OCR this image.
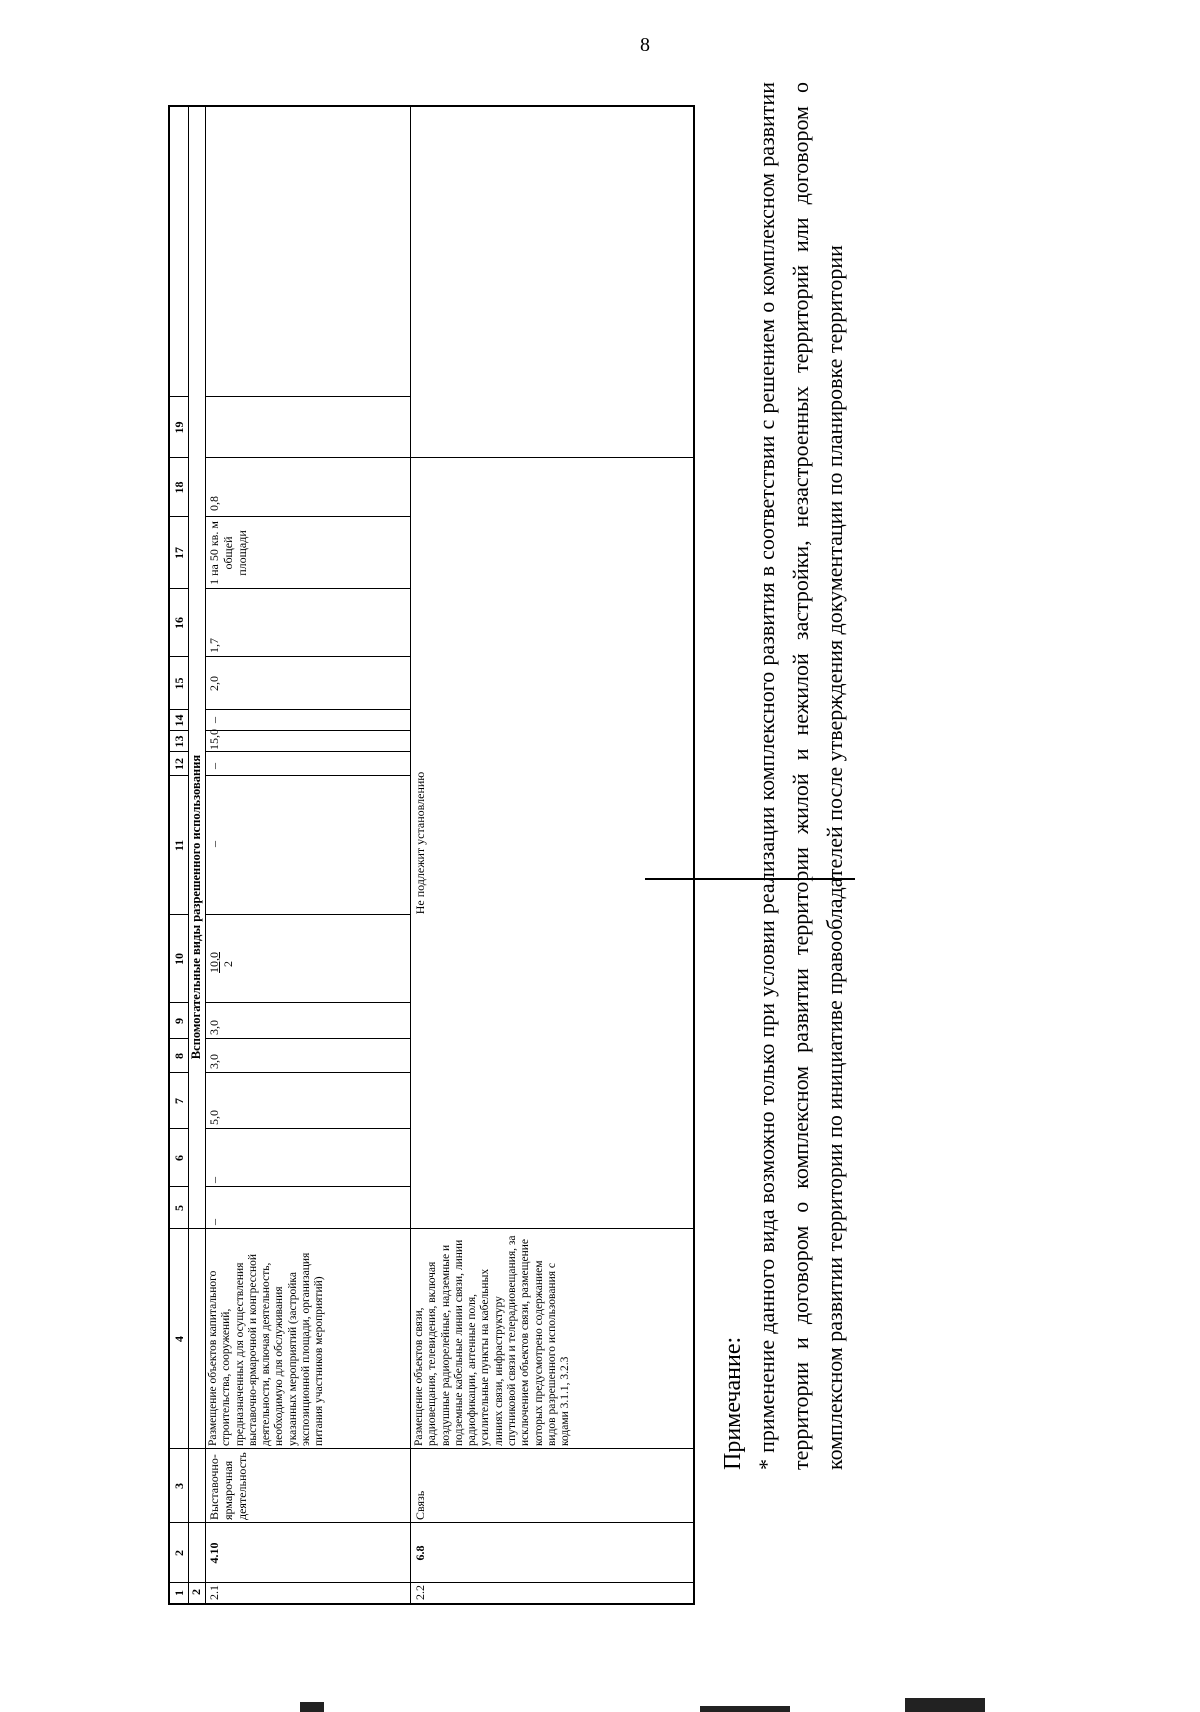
8
1
2
3
4
5
6
7
8
9
10
11
12
13
14
15
16
17
18
19
2
Вспомогательные виды разрешенного использования
2.1
4.10
Выставочно-ярмарочная деятельность
Размещение объектов капитального строительства, сооружений, предназначенных для осуществления выставочно-ярмарочной и конгрессной деятельности, включая деятельность, необходимую для обслуживания указанных мероприятий (застройка экспозиционной площади, организация питания участников мероприятий)
–
–
5,0
3,0
3,0
10,0 2
–
–
15,0
–
2,0
1,7
1 на 50 кв. м общей площади
0,8
2.2
6.8
Связь
Размещение объектов связи, радиовещания, телевидения, включая воздушные радиорелейные, надземные и подземные кабельные линии связи, линии радиофикации, антенные поля, усилительные пункты на кабельных линиях связи, инфраструктуру спутниковой связи и телерадиовещания, за исключением объектов связи, размещение которых предусмотрено содержанием видов разрешенного использования с кодами 3.1.1, 3.2.3
Не подлежит установлению
Примечание: * применение данного вида возможно только при условии реализации комплексного развития в соответствии с решением о комплексном развитии территории и договором о комплексном развитии территории жилой и нежилой застройки, незастроенных территорий или договором о комплексном развитии территории по инициативе правообладателей после утверждения документации по планировке территории
